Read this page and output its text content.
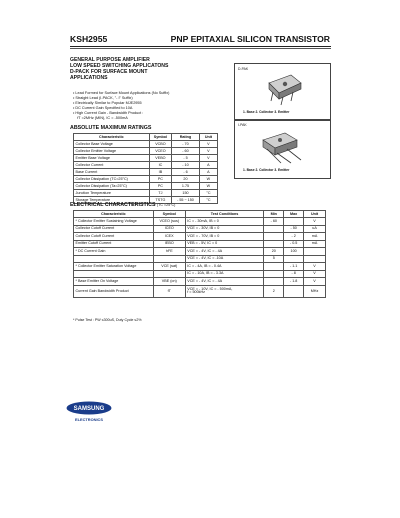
KSH2955	PNP EPITAXIAL SILICON TRANSISTOR
GENERAL PURPOSE AMPLIFIER
LOW SPEED SWITCHING APPLICATONS
D-PACK FOR SURFACE MOUNT
APPLICATIONS
• Lead Formed for Surface Mount Applications (No Suffix)
• Straight Lead (I-PACK, "- I" Suffix)
• Electrically Similar to Popular MJE2955
• DC Current Gain Specified to 10A
• High Current Gain - Bandwidth Product :
fT =2MHz (MIN), IC = -500mA
D-PAK
1. Base 2. Collector 3. Emitter
I-PAK
1. Base 2. Collector 3. Emitter
ABSOLUTE MAXIMUM RATINGS
Characteristic	Symbol	Rating	Unit
Collector Base Voltage	VCBO	- 70	V
Collector Emitter Voltage	VCEO	- 60	V
Emitter Base Voltage	VEBO	- 5	V
Collector Current	IC	- 10	A
Base Current	IB	- 6	A
Collector Dissipation (TC=25°C)	PC	20	W
Collector Dissipation (Ta=25°C)	PC	1.75	W
Junction Temperature	TJ	150	°C
Storage Temperature	TSTG	- 55 ~ 150	°C
ELECTRICAL CHARACTERISTICS (TC =25°C)
Characteristic	Symbol	Test Conditions	Min	Max	Unit
* Collector Emitter Sustaining Voltage	VCEO (sus)	IC = - 30mA, IB = 0	- 60		V
Collector Cutoff Current	ICEO	VCE = - 30V, IB = 0		- 50	uA
Collector Cutoff Current	ICEX	VCE = - 70V, IB = 0		- 2	mA
Emitter Cutoff Current	IEBO	VEB = - 5V, IC = 0		- 0.5	mA
* DC Current Gain	hFE	VCE = - 4V, IC = - 4A	20	100	
		VCE = - 4V, IC = -10A	5		
* Collector Emitter Saturation Voltage	VCE (sat)	IC = - 4A, IB = - 0.4A		- 1.1	V
		IC = - 10A, IB = - 3.3A		- 8	V
* Base Emitter On Voltage	VBE (on)	VCE = - 4V, IC = - 4A		- 1.8	V
Current Gain Bandwidth Product	fT	VCE = - 10V, IC = - 500mA,
f = 500kHz	2		MHz
* Pulse Test : PW ≤300uS, Duty Cycle ≤2%
SAMSUNG
ELECTRONICS
